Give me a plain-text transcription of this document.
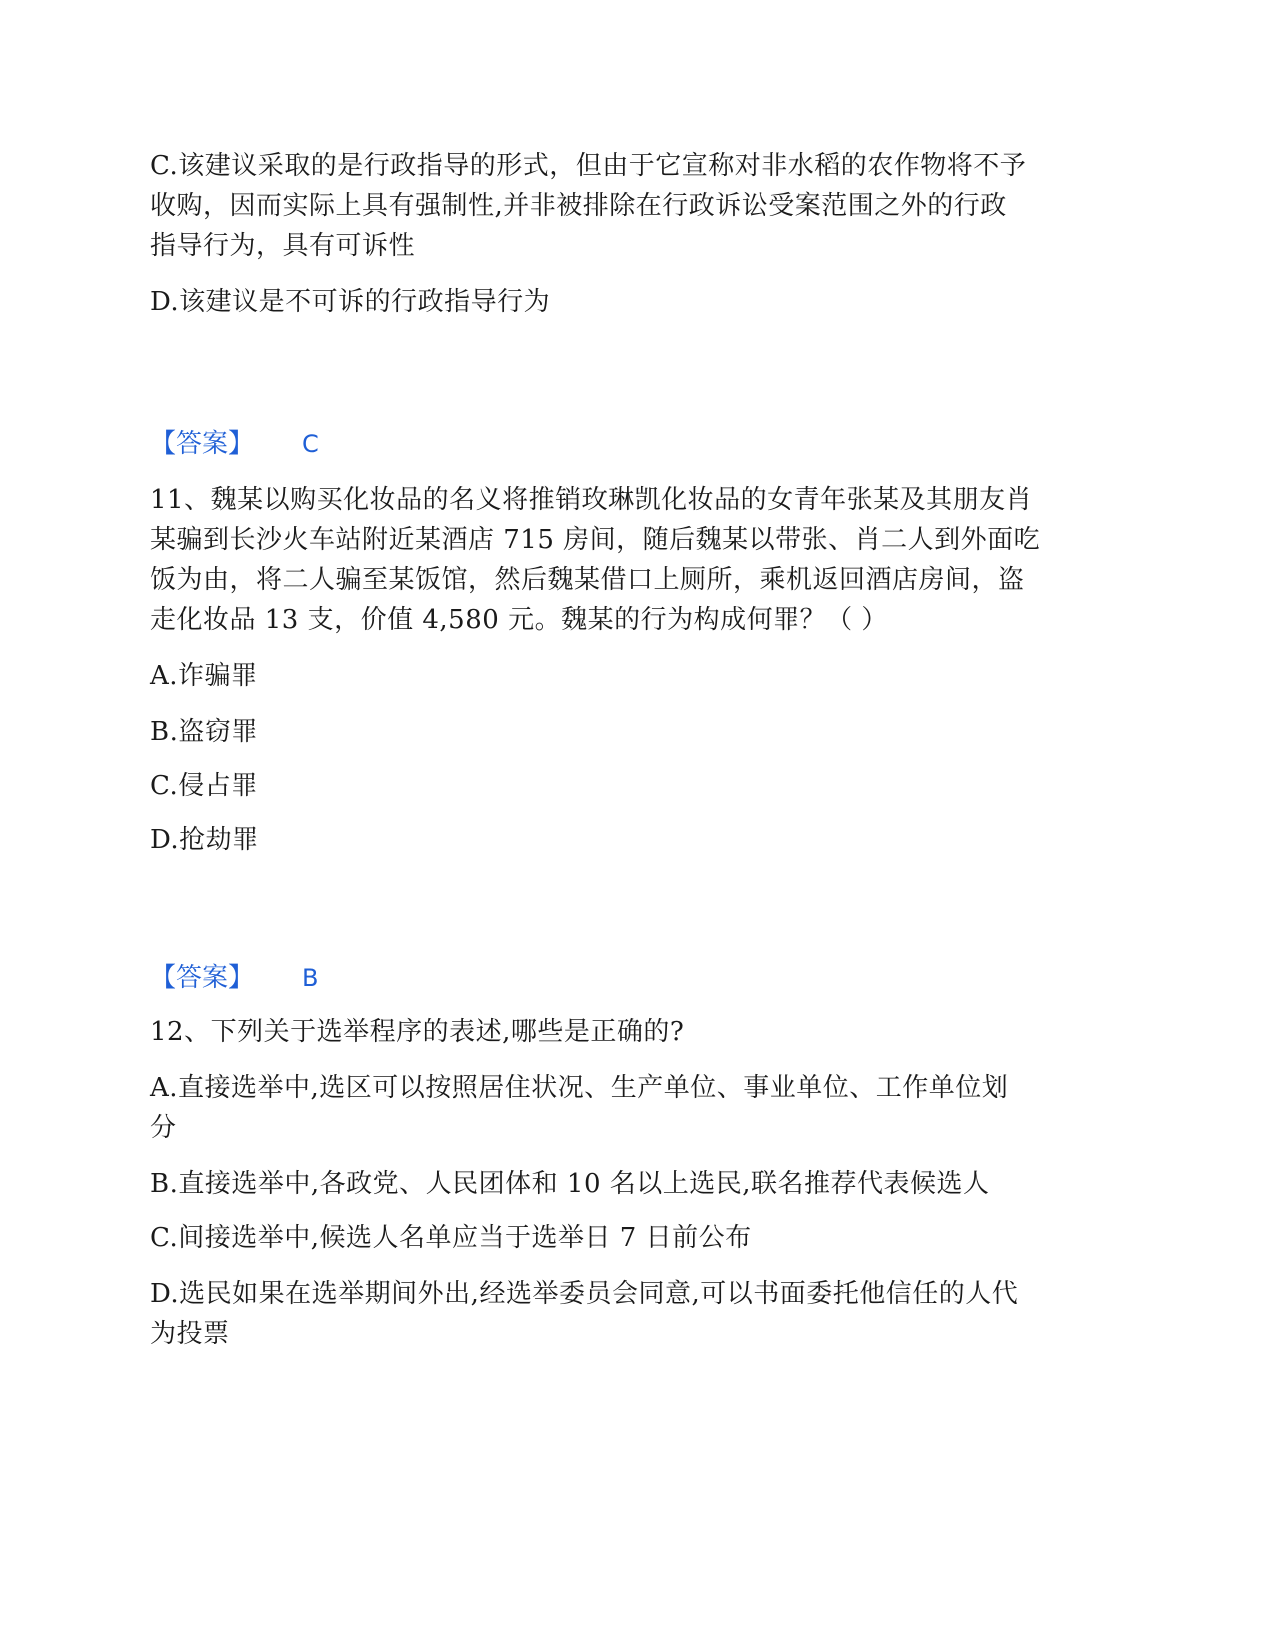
C.该建议采取的是行政指导的形式，但由于它宣称对非水稻的农作物将不予
收购，因而实际上具有强制性,并非被排除在行政诉讼受案范围之外的行政
指导行为，具有可诉性
D.该建议是不可诉的行政指导行为
【答案】 C
11、魏某以购买化妆品的名义将推销玫琳凯化妆品的女青年张某及其朋友肖
某骗到长沙火车站附近某酒店 715 房间，随后魏某以带张、肖二人到外面吃
饭为由，将二人骗至某饭馆，然后魏某借口上厕所，乘机返回酒店房间，盗
走化妆品 13 支，价值 4,580 元。魏某的行为构成何罪？（ ）
A.诈骗罪
B.盗窃罪
C.侵占罪
D.抢劫罪
【答案】 B
12、下列关于选举程序的表述,哪些是正确的?
A.直接选举中,选区可以按照居住状况、生产单位、事业单位、工作单位划
分
B.直接选举中,各政党、人民团体和 10 名以上选民,联名推荐代表候选人
C.间接选举中,候选人名单应当于选举日 7 日前公布
D.选民如果在选举期间外出,经选举委员会同意,可以书面委托他信任的人代
为投票
